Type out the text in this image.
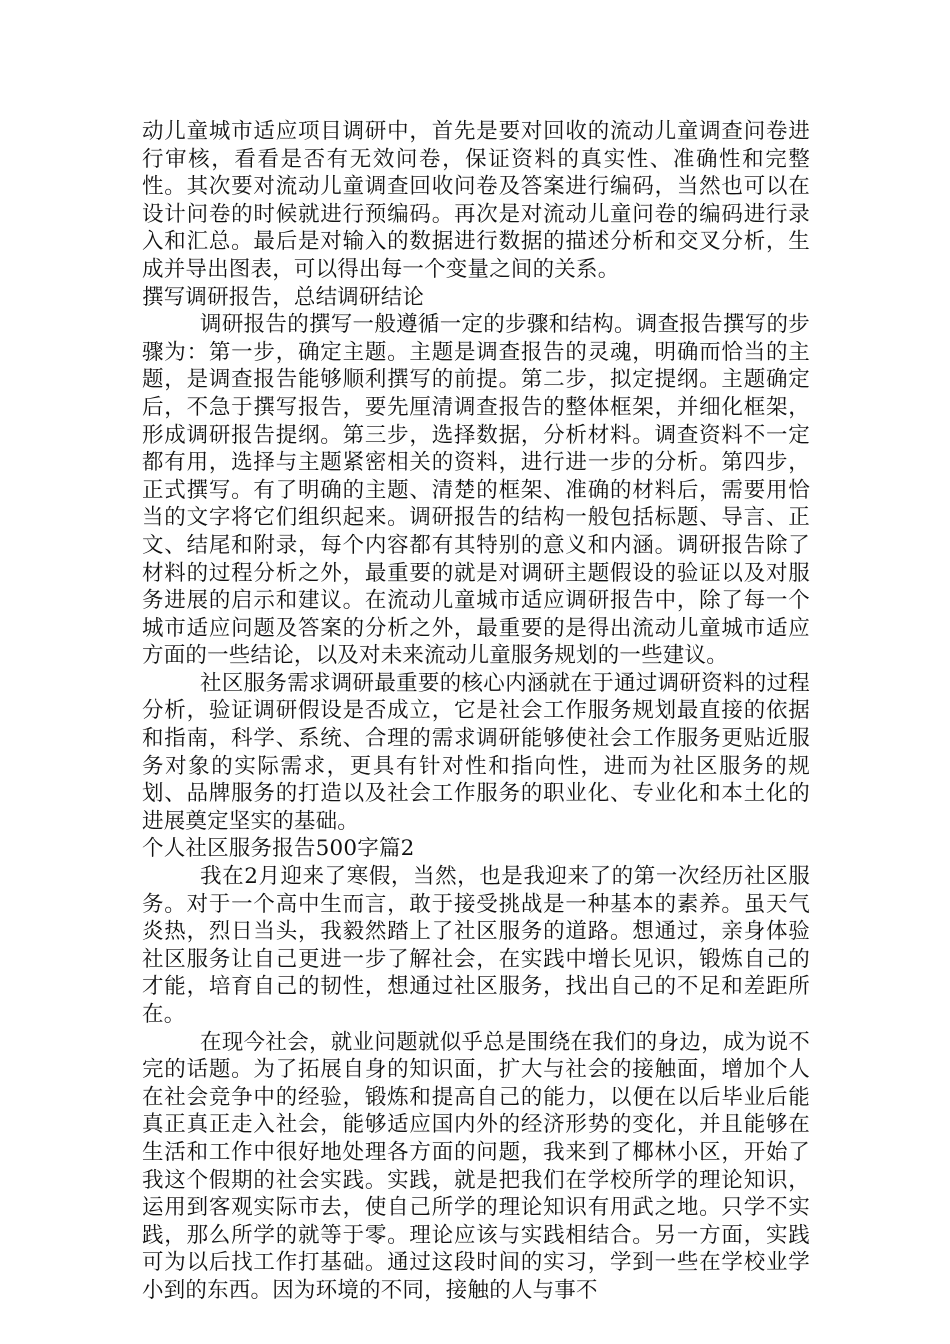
动儿童城市适应项目调研中，首先是要对回收的流动儿童调查问卷进行审核，看看是否有无效问卷，保证资料的真实性、准确性和完整性。其次要对流动儿童调查回收问卷及答案进行编码，当然也可以在设计问卷的时候就进行预编码。再次是对流动儿童问卷的编码进行录入和汇总。最后是对输入的数据进行数据的描述分析和交叉分析，生成并导出图表，可以得出每一个变量之间的关系。

撰写调研报告，总结调研结论

调研报告的撰写一般遵循一定的步骤和结构。调查报告撰写的步骤为：第一步，确定主题。主题是调查报告的灵魂，明确而恰当的主题，是调查报告能够顺利撰写的前提。第二步，拟定提纲。主题确定后，不急于撰写报告，要先厘清调查报告的整体框架，并细化框架，形成调研报告提纲。第三步，选择数据，分析材料。调查资料不一定都有用，选择与主题紧密相关的资料，进行进一步的分析。第四步，正式撰写。有了明确的主题、清楚的框架、准确的材料后，需要用恰当的文字将它们组织起来。调研报告的结构一般包括标题、导言、正文、结尾和附录，每个内容都有其特别的意义和内涵。调研报告除了材料的过程分析之外，最重要的就是对调研主题假设的验证以及对服务进展的启示和建议。在流动儿童城市适应调研报告中，除了每一个城市适应问题及答案的分析之外，最重要的是得出流动儿童城市适应方面的一些结论，以及对未来流动儿童服务规划的一些建议。

社区服务需求调研最重要的核心内涵就在于通过调研资料的过程分析，验证调研假设是否成立，它是社会工作服务规划最直接的依据和指南，科学、系统、合理的需求调研能够使社会工作服务更贴近服务对象的实际需求，更具有针对性和指向性，进而为社区服务的规划、品牌服务的打造以及社会工作服务的职业化、专业化和本土化的进展奠定坚实的基础。

个人社区服务报告500字篇2

我在2月迎来了寒假，当然，也是我迎来了的第一次经历社区服务。对于一个高中生而言，敢于接受挑战是一种基本的素养。虽天气炎热，烈日当头，我毅然踏上了社区服务的道路。想通过，亲身体验社区服务让自己更进一步了解社会，在实践中增长见识，锻炼自己的才能，培育自己的韧性，想通过社区服务，找出自己的不足和差距所在。

在现今社会，就业问题就似乎总是围绕在我们的身边，成为说不完的话题。为了拓展自身的知识面，扩大与社会的接触面，增加个人在社会竞争中的经验，锻炼和提高自己的能力，以便在以后毕业后能真正真正走入社会，能够适应国内外的经济形势的变化，并且能够在生活和工作中很好地处理各方面的问题，我来到了椰林小区，开始了我这个假期的社会实践。实践，就是把我们在学校所学的理论知识，运用到客观实际市去，使自己所学的理论知识有用武之地。只学不实践，那么所学的就等于零。理论应该与实践相结合。另一方面，实践可为以后找工作打基础。通过这段时间的实习，学到一些在学校业学小到的东西。因为环境的不同，接触的人与事不
